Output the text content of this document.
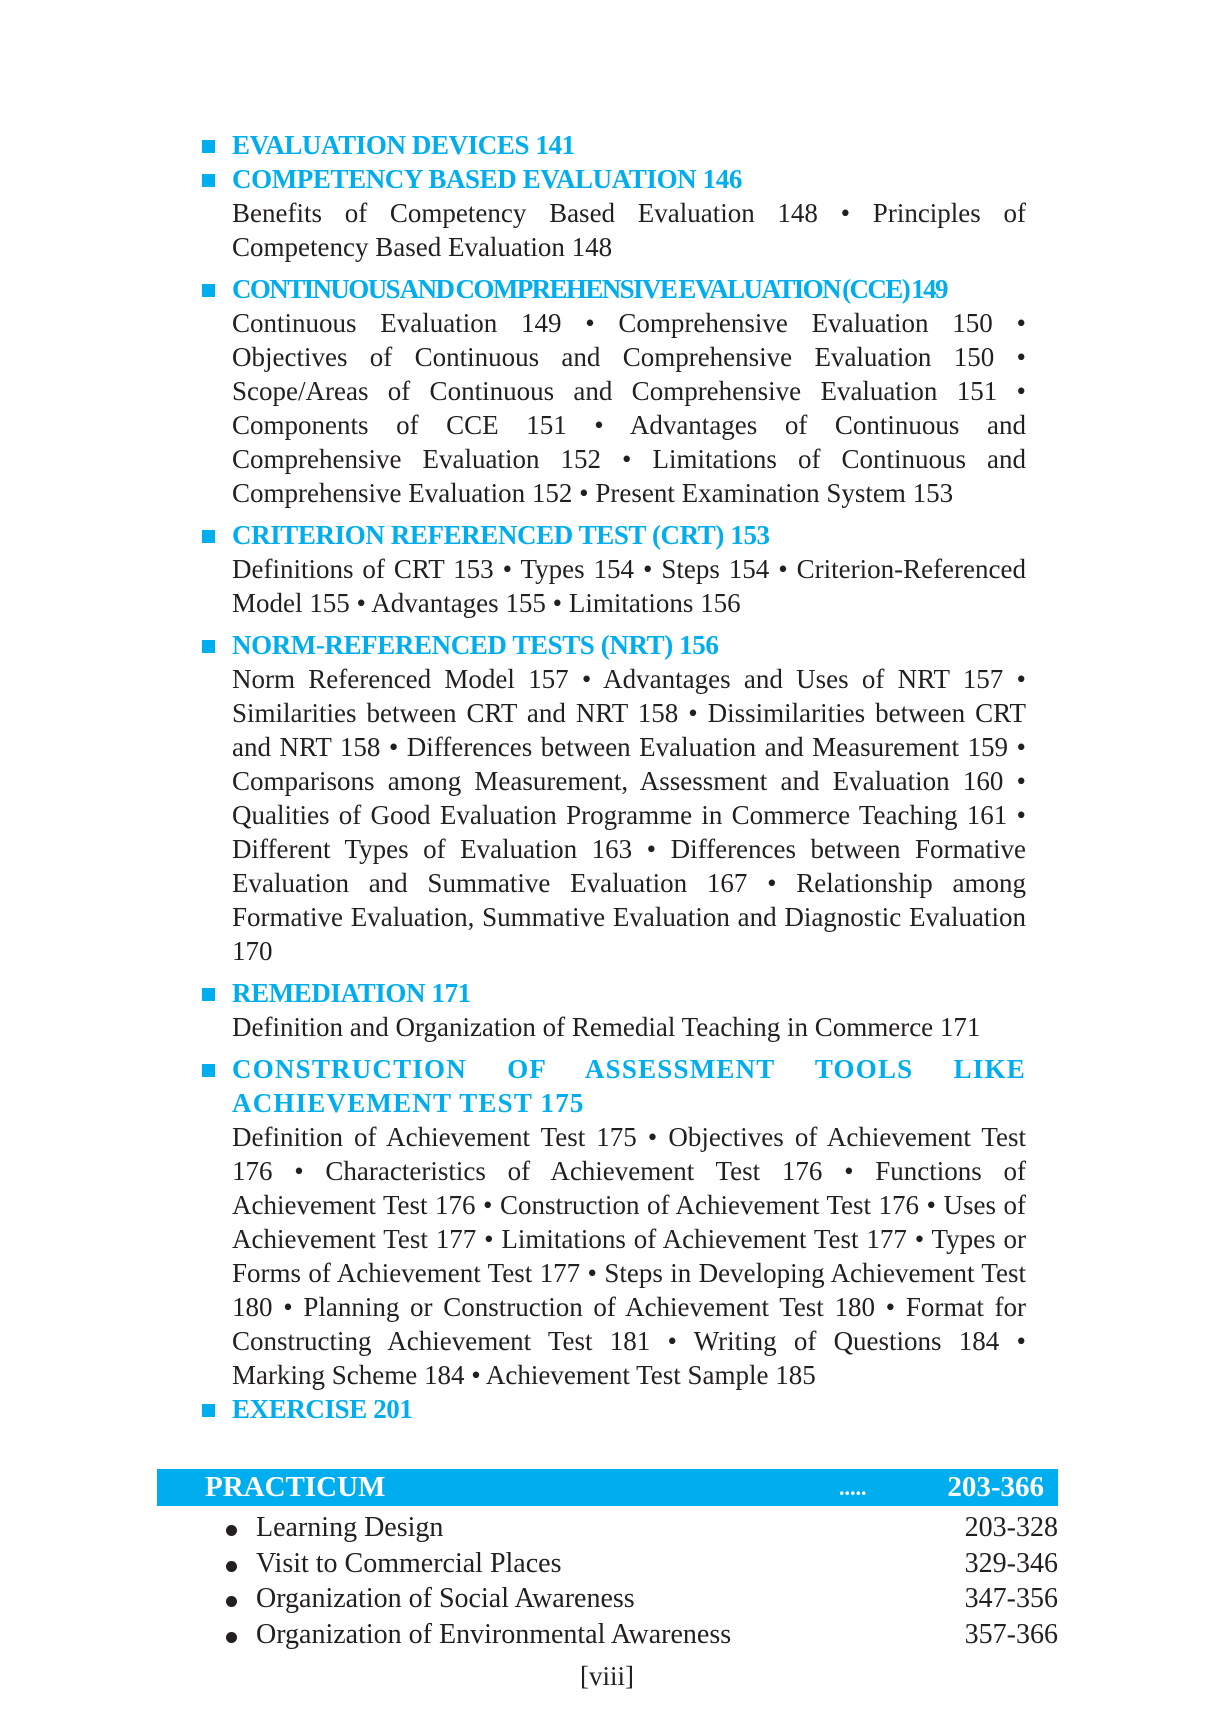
EVALUATION DEVICES 141
COMPETENCY BASED EVALUATION 146
Benefits of Competency Based Evaluation 148 • Principles of Competency Based Evaluation 148
CONTINUOUS AND COMPREHENSIVE EVALUATION (CCE) 149
Continuous Evaluation 149 • Comprehensive Evaluation 150 • Objectives of Continuous and Comprehensive Evaluation 150 • Scope/Areas of Continuous and Comprehensive Evaluation 151 • Components of CCE 151 • Advantages of Continuous and Comprehensive Evaluation 152 • Limitations of Continuous and Comprehensive Evaluation 152 • Present Examination System 153
CRITERION REFERENCED TEST (CRT) 153
Definitions of CRT 153 • Types 154 • Steps 154 • Criterion-Referenced Model 155 • Advantages 155 • Limitations 156
NORM-REFERENCED TESTS (NRT) 156
Norm Referenced Model 157 • Advantages and Uses of NRT 157 • Similarities between CRT and NRT 158 • Dissimilarities between CRT and NRT 158 • Differences between Evaluation and Measurement 159 • Comparisons among Measurement, Assessment and Evaluation 160 • Qualities of Good Evaluation Programme in Commerce Teaching 161 • Different Types of Evaluation 163 • Differences between Formative Evaluation and Summative Evaluation 167 • Relationship among Formative Evaluation, Summative Evaluation and Diagnostic Evaluation 170
REMEDIATION 171
Definition and Organization of Remedial Teaching in Commerce 171
CONSTRUCTION OF ASSESSMENT TOOLS LIKE ACHIEVEMENT TEST 175
Definition of Achievement Test 175 • Objectives of Achievement Test 176 • Characteristics of Achievement Test 176 • Functions of Achievement Test 176 • Construction of Achievement Test 176 • Uses of Achievement Test 177 • Limitations of Achievement Test 177 • Types or Forms of Achievement Test 177 • Steps in Developing Achievement Test 180 • Planning or Construction of Achievement Test 180 • Format for Constructing Achievement Test 181 • Writing of Questions 184 • Marking Scheme 184 • Achievement Test Sample 185
EXERCISE 201
PRACTICUM	.....	203-366
Learning Design	203-328
Visit to Commercial Places	329-346
Organization of Social Awareness	347-356
Organization of Environmental Awareness	357-366
[viii]
